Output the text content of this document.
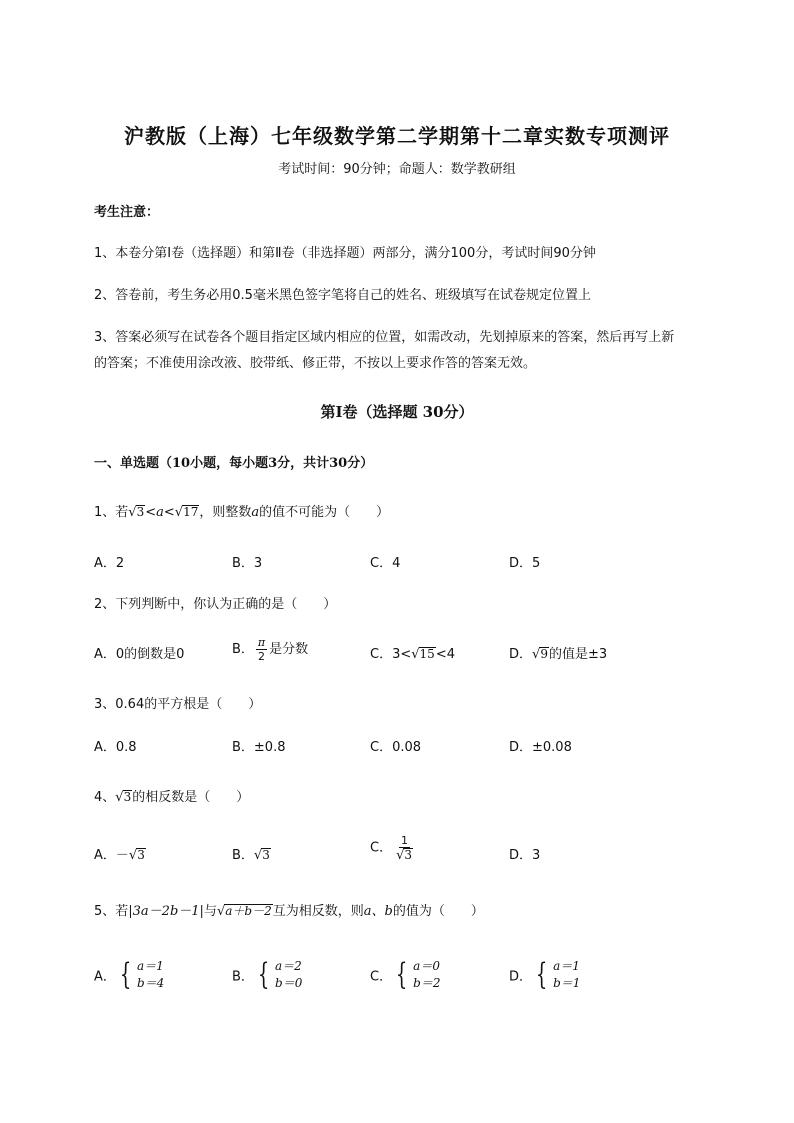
沪教版（上海）七年级数学第二学期第十二章实数专项测评
考试时间：90分钟；命题人：数学教研组
考生注意：
1、本卷分第I卷（选择题）和第Ⅱ卷（非选择题）两部分，满分100分，考试时间90分钟
2、答卷前，考生务必用0.5毫米黑色签字笔将自己的姓名、班级填写在试卷规定位置上
3、答案必须写在试卷各个题目指定区域内相应的位置，如需改动，先划掉原来的答案，然后再写上新
的答案；不准使用涂改液、胶带纸、修正带，不按以上要求作答的答案无效。
第I卷（选择题 30分）
一、单选题（10小题，每小题3分，共计30分）
1、若√3<a<√17，则整数a的值不可能为（　　）
A．2	B．3	C．4	D．5
2、下列判断中，你认为正确的是（　　）
A．0的倒数是0	B． $\frac{\pi}{2}$ 是分数	C．3<√15<4	D．√9的值是±3
3、0.64的平方根是（　　）
A．0.8	B．±0.8	C．0.08	D．±0.08
4、√3的相反数是（　　）
A．－√3	B．√3	C． $\frac{1}{√3}$	D．3
5、若|3a－2b－1|与√a＋b－2互为相反数，则a、b的值为（　　）
A． { a＝1
b＝4	B． { a＝2
b＝0	C． { a＝0
b＝2	D． { a＝1
b＝1
